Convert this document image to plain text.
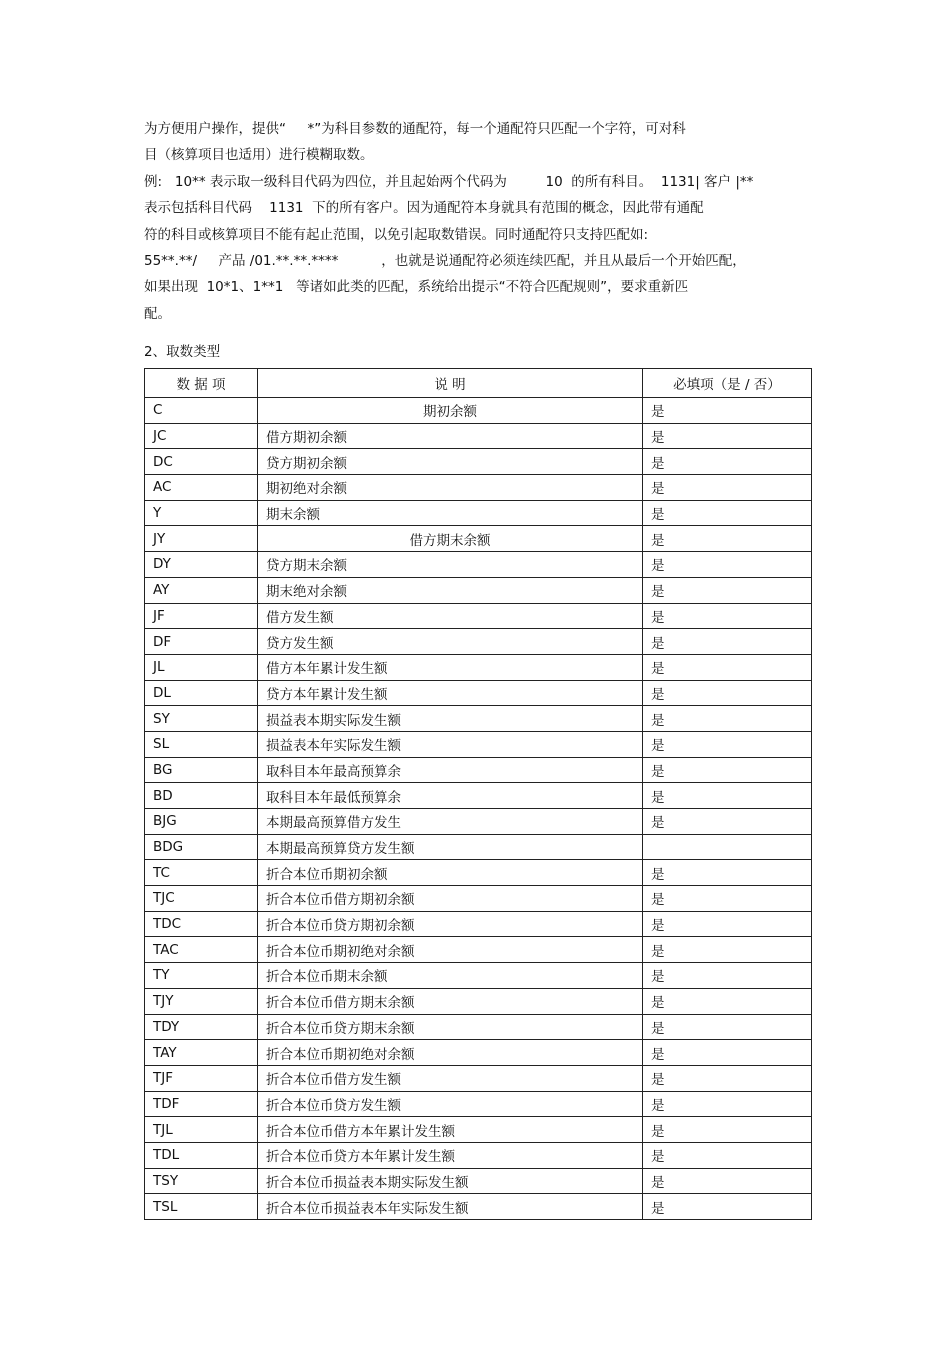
为方便用户操作，提供“     *”为科目参数的通配符，每一个通配符只匹配一个字符，可对科
目（核算项目也适用）进行模糊取数。
例:   10** 表示取一级科目代码为四位，并且起始两个代码为         10  的所有科目。  1131| 客户 |**
表示包括科目代码    1131  下的所有客户。因为通配符本身就具有范围的概念，因此带有通配
符的科目或核算项目不能有起止范围，以免引起取数错误。同时通配符只支持匹配如:
55**.**/     产品 /01.**.**.****          ，也就是说通配符必须连续匹配，并且从最后一个开始匹配，
如果出现  10*1、1**1   等诸如此类的匹配，系统给出提示“不符合匹配规则”，要求重新匹
配。
2、取数类型
数 据 项	说 明	必填项（是 / 否）
C	期初余额	是
JC	借方期初余额	是
DC	贷方期初余额	是
AC	期初绝对余额	是
Y	期末余额	是
JY	借方期末余额	是
DY	贷方期末余额	是
AY	期末绝对余额	是
JF	借方发生额	是
DF	贷方发生额	是
JL	借方本年累计发生额	是
DL	贷方本年累计发生额	是
SY	损益表本期实际发生额	是
SL	损益表本年实际发生额	是
BG	取科目本年最高预算余	是
BD	取科目本年最低预算余	是
BJG	本期最高预算借方发生	是
BDG	本期最高预算贷方发生额	
TC	折合本位币期初余额	是
TJC	折合本位币借方期初余额	是
TDC	折合本位币贷方期初余额	是
TAC	折合本位币期初绝对余额	是
TY	折合本位币期末余额	是
TJY	折合本位币借方期末余额	是
TDY	折合本位币贷方期末余额	是
TAY	折合本位币期初绝对余额	是
TJF	折合本位币借方发生额	是
TDF	折合本位币贷方发生额	是
TJL	折合本位币借方本年累计发生额	是
TDL	折合本位币贷方本年累计发生额	是
TSY	折合本位币损益表本期实际发生额	是
TSL	折合本位币损益表本年实际发生额	是
